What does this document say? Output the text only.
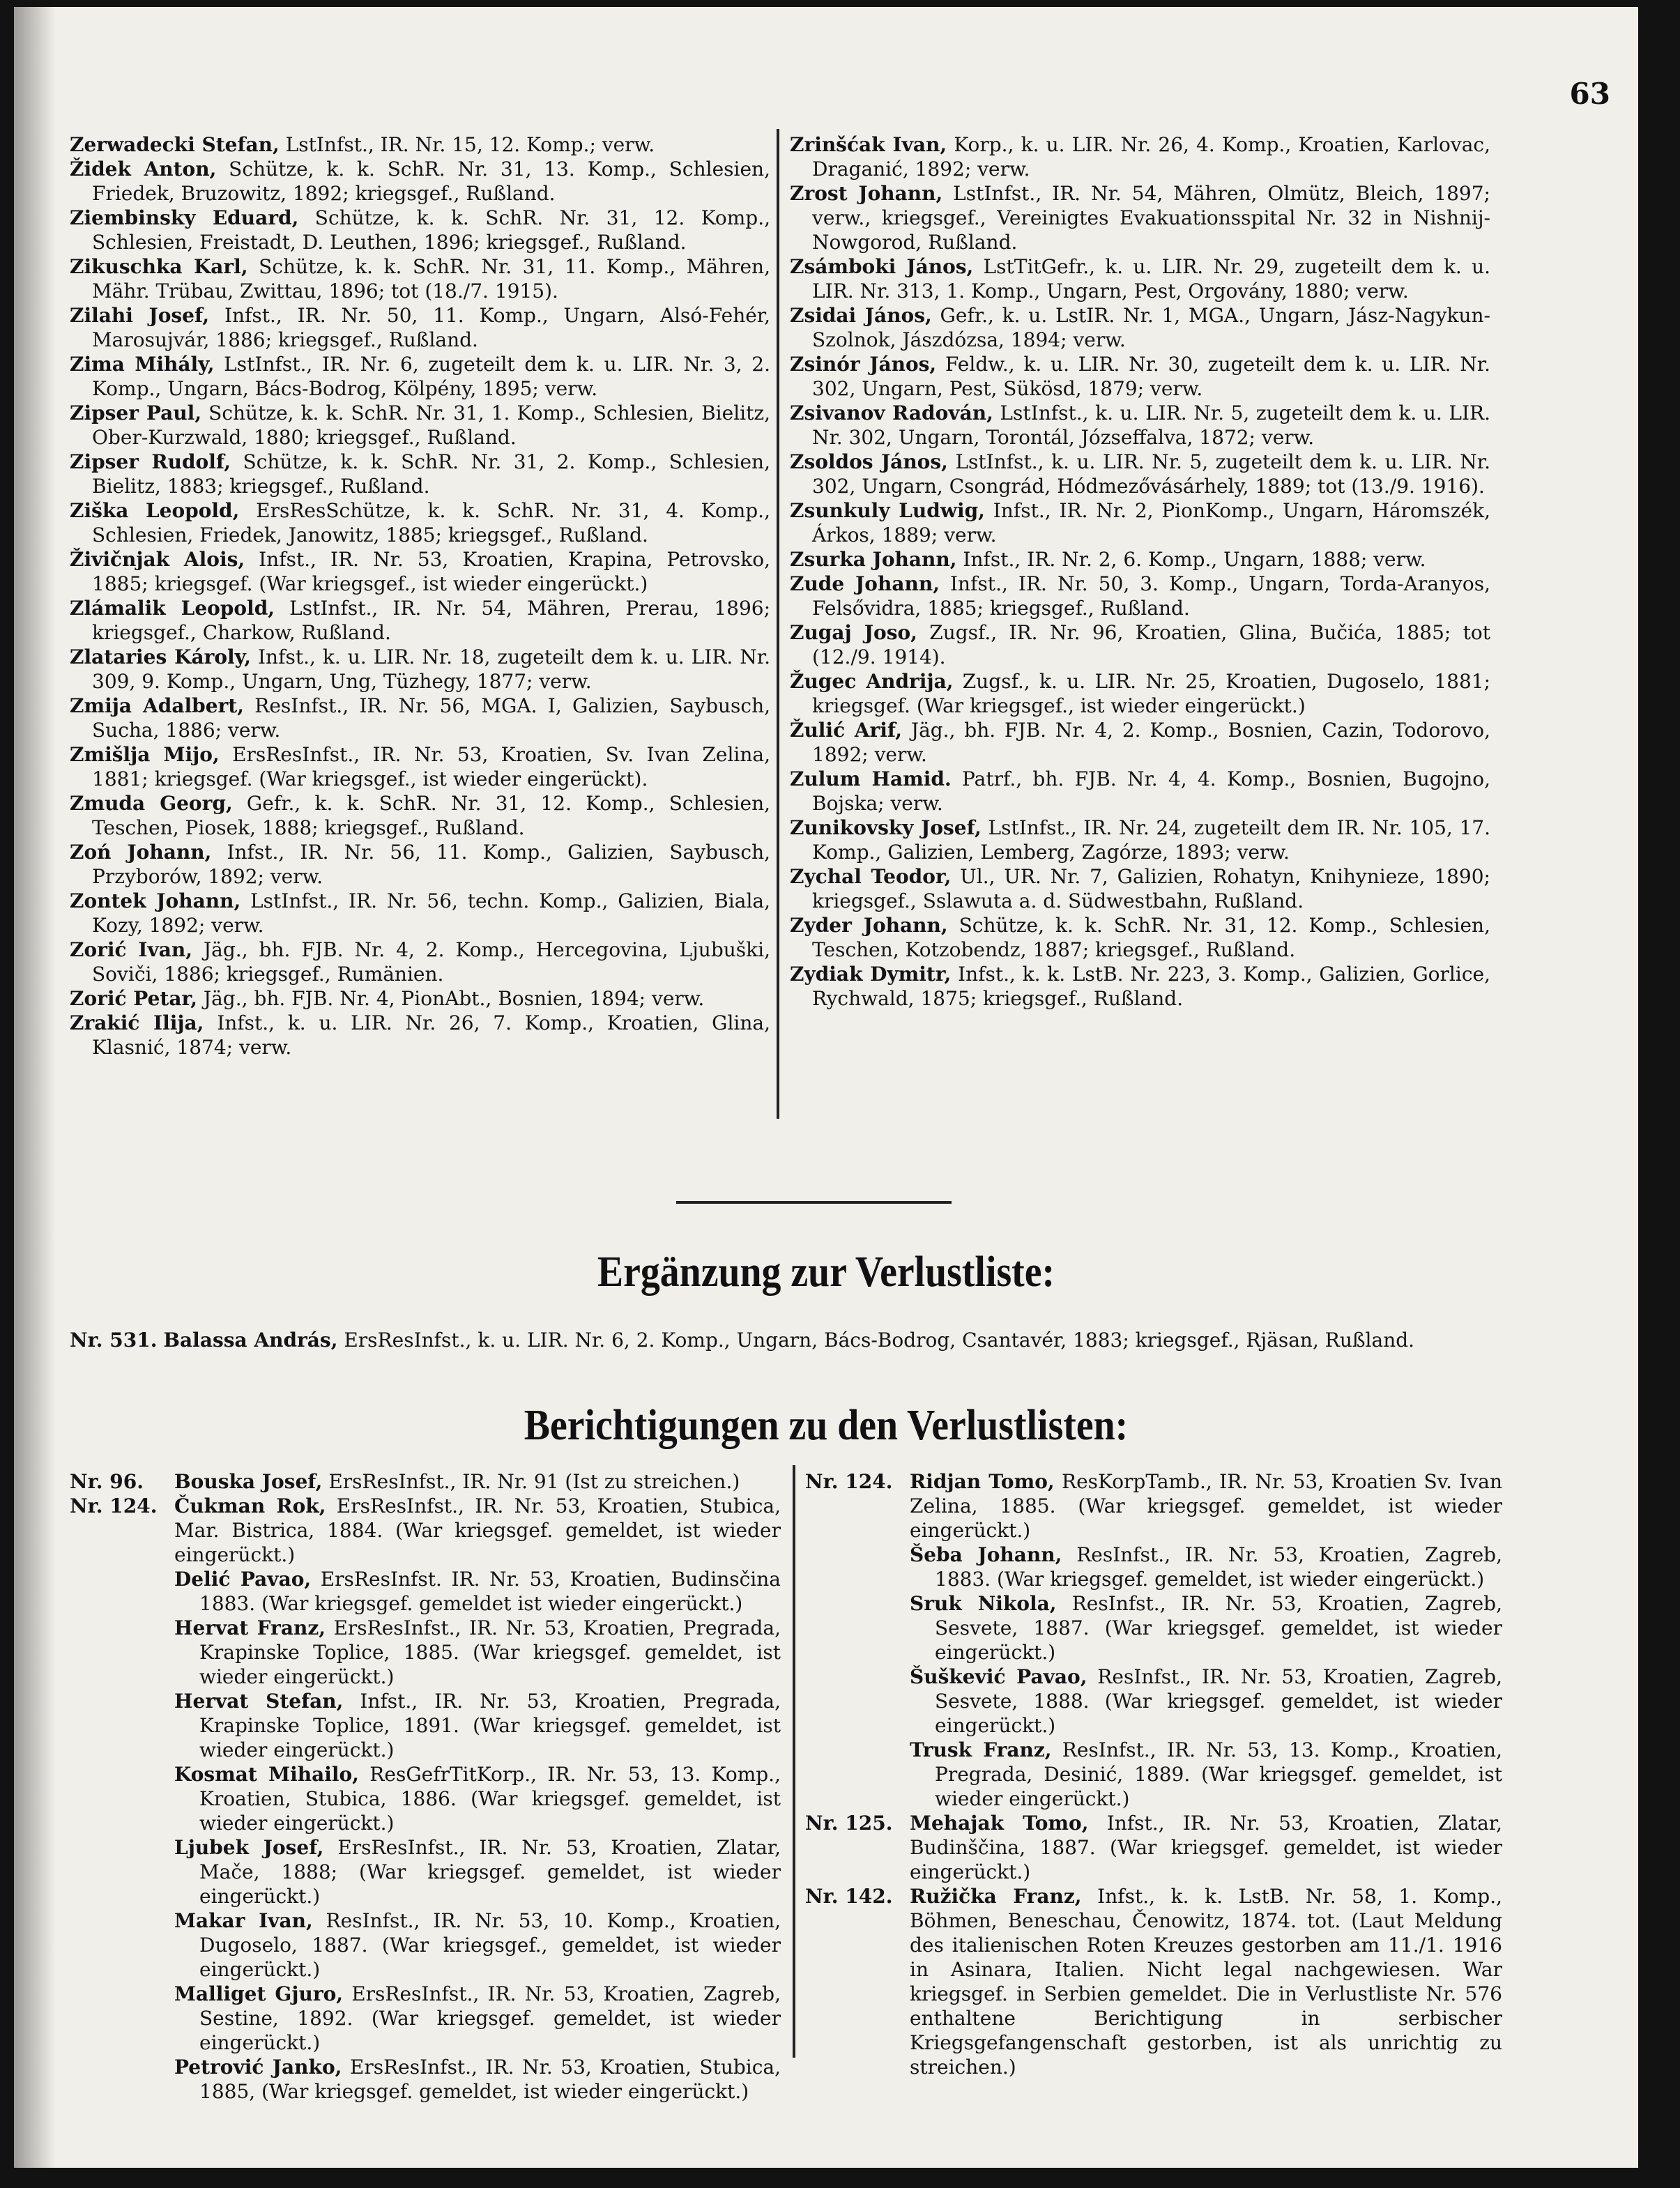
63

Zerwadecki Stefan, LstInfst., IR. Nr. 15, 12. Komp.; verw.

Židek Anton, Schütze, k. k. SchR. Nr. 31, 13. Komp., Schlesien, Friedek, Bruzowitz, 1892; kriegsgef., Rußland.

Ziembinsky Eduard, Schütze, k. k. SchR. Nr. 31, 12. Komp., Schlesien, Freistadt, D. Leuthen, 1896; kriegsgef., Rußland.

Zikuschka Karl, Schütze, k. k. SchR. Nr. 31, 11. Komp., Mähren, Mähr. Trübau, Zwittau, 1896; tot (18./7. 1915).

Zilahi Josef, Infst., IR. Nr. 50, 11. Komp., Ungarn, Alsó-Fehér, Marosujvár, 1886; kriegsgef., Rußland.

Zima Mihály, LstInfst., IR. Nr. 6, zugeteilt dem k. u. LIR. Nr. 3, 2. Komp., Ungarn, Bács-Bodrog, Kölpény, 1895; verw.

Zipser Paul, Schütze, k. k. SchR. Nr. 31, 1. Komp., Schlesien, Bielitz, Ober-Kurzwald, 1880; kriegsgef., Rußland.

Zipser Rudolf, Schütze, k. k. SchR. Nr. 31, 2. Komp., Schlesien, Bielitz, 1883; kriegsgef., Rußland.

Ziška Leopold, ErsResSchütze, k. k. SchR. Nr. 31, 4. Komp., Schlesien, Friedek, Janowitz, 1885; kriegsgef., Rußland.

Živičnjak Alois, Infst., IR. Nr. 53, Kroatien, Krapina, Petrovsko, 1885; kriegsgef. (War kriegsgef., ist wieder eingerückt.)

Zlámalik Leopold, LstInfst., IR. Nr. 54, Mähren, Prerau, 1896; kriegsgef., Charkow, Rußland.

Zlataries Károly, Infst., k. u. LIR. Nr. 18, zugeteilt dem k. u. LIR. Nr. 309, 9. Komp., Ungarn, Ung, Tüzhegy, 1877; verw.

Zmija Adalbert, ResInfst., IR. Nr. 56, MGA. I, Galizien, Saybusch, Sucha, 1886; verw.

Zmišlja Mijo, ErsResInfst., IR. Nr. 53, Kroatien, Sv. Ivan Zelina, 1881; kriegsgef. (War kriegsgef., ist wieder eingerückt).

Zmuda Georg, Gefr., k. k. SchR. Nr. 31, 12. Komp., Schlesien, Teschen, Piosek, 1888; kriegsgef., Rußland.

Zoń Johann, Infst., IR. Nr. 56, 11. Komp., Galizien, Saybusch, Przyborów, 1892; verw.

Zontek Johann, LstInfst., IR. Nr. 56, techn. Komp., Galizien, Biala, Kozy, 1892; verw.

Zorić Ivan, Jäg., bh. FJB. Nr. 4, 2. Komp., Hercegovina, Ljubuški, Soviči, 1886; kriegsgef., Rumänien.

Zorić Petar, Jäg., bh. FJB. Nr. 4, PionAbt., Bosnien, 1894; verw.

Zrakić Ilija, Infst., k. u. LIR. Nr. 26, 7. Komp., Kroatien, Glina, Klasnić, 1874; verw.

Zrinšćak Ivan, Korp., k. u. LIR. Nr. 26, 4. Komp., Kroatien, Karlovac, Draganić, 1892; verw.

Zrost Johann, LstInfst., IR. Nr. 54, Mähren, Olmütz, Bleich, 1897; verw., kriegsgef., Vereinigtes Evakuationsspital Nr. 32 in Nishnij-Nowgorod, Rußland.

Zsámboki János, LstTitGefr., k. u. LIR. Nr. 29, zugeteilt dem k. u. LIR. Nr. 313, 1. Komp., Ungarn, Pest, Orgovány, 1880; verw.

Zsidai János, Gefr., k. u. LstIR. Nr. 1, MGA., Ungarn, Jász-Nagykun-Szolnok, Jászdózsa, 1894; verw.

Zsinór János, Feldw., k. u. LIR. Nr. 30, zugeteilt dem k. u. LIR. Nr. 302, Ungarn, Pest, Sükösd, 1879; verw.

Zsivanov Radován, LstInfst., k. u. LIR. Nr. 5, zugeteilt dem k. u. LIR. Nr. 302, Ungarn, Torontál, Józseffalva, 1872; verw.

Zsoldos János, LstInfst., k. u. LIR. Nr. 5, zugeteilt dem k. u. LIR. Nr. 302, Ungarn, Csongrád, Hódmezővásárhely, 1889; tot (13./9. 1916).

Zsunkuly Ludwig, Infst., IR. Nr. 2, PionKomp., Ungarn, Háromszék, Árkos, 1889; verw.

Zsurka Johann, Infst., IR. Nr. 2, 6. Komp., Ungarn, 1888; verw.

Zude Johann, Infst., IR. Nr. 50, 3. Komp., Ungarn, Torda-Aranyos, Felsővidra, 1885; kriegsgef., Rußland.

Zugaj Joso, Zugsf., IR. Nr. 96, Kroatien, Glina, Bučića, 1885; tot (12./9. 1914).

Žugec Andrija, Zugsf., k. u. LIR. Nr. 25, Kroatien, Dugoselo, 1881; kriegsgef. (War kriegsgef., ist wieder eingerückt.)

Žulić Arif, Jäg., bh. FJB. Nr. 4, 2. Komp., Bosnien, Cazin, Todorovo, 1892; verw.

Zulum Hamid. Patrf., bh. FJB. Nr. 4, 4. Komp., Bosnien, Bugojno, Bojska; verw.

Zunikovsky Josef, LstInfst., IR. Nr. 24, zugeteilt dem IR. Nr. 105, 17. Komp., Galizien, Lemberg, Zagórze, 1893; verw.

Zychal Teodor, Ul., UR. Nr. 7, Galizien, Rohatyn, Knihynieze, 1890; kriegsgef., Sslawuta a. d. Südwestbahn, Rußland.

Zyder Johann, Schütze, k. k. SchR. Nr. 31, 12. Komp., Schlesien, Teschen, Kotzobendz, 1887; kriegsgef., Rußland.

Zydiak Dymitr, Infst., k. k. LstB. Nr. 223, 3. Komp., Galizien, Gorlice, Rychwald, 1875; kriegsgef., Rußland.

Ergänzung zur Verlustliste:
Nr. 531. Balassa András, ErsResInfst., k. u. LIR. Nr. 6, 2. Komp., Ungarn, Bács-Bodrog, Csantavér, 1883; kriegsgef., Rjäsan, Rußland.
Berichtigungen zu den Verlustlisten:

Nr. 96. Bouska Josef, ErsResInfst., IR. Nr. 91 (Ist zu streichen.)

Nr. 124. Čukman Rok, ErsResInfst., IR. Nr. 53, Kroatien, Stubica, Mar. Bistrica, 1884. (War kriegsgef. gemeldet, ist wieder eingerückt.)

Delić Pavao, ErsResInfst. IR. Nr. 53, Kroatien, Budinsčina 1883. (War kriegsgef. gemeldet ist wieder eingerückt.)

Hervat Franz, ErsResInfst., IR. Nr. 53, Kroatien, Pregrada, Krapinske Toplice, 1885. (War kriegsgef. gemeldet, ist wieder eingerückt.)

Hervat Stefan, Infst., IR. Nr. 53, Kroatien, Pregrada, Krapinske Toplice, 1891. (War kriegsgef. gemeldet, ist wieder eingerückt.)

Kosmat Mihailo, ResGefrTitKorp., IR. Nr. 53, 13. Komp., Kroatien, Stubica, 1886. (War kriegsgef. gemeldet, ist wieder eingerückt.)

Ljubek Josef, ErsResInfst., IR. Nr. 53, Kroatien, Zlatar, Mače, 1888; (War kriegsgef. gemeldet, ist wieder eingerückt.)

Makar Ivan, ResInfst., IR. Nr. 53, 10. Komp., Kroatien, Dugoselo, 1887. (War kriegsgef., gemeldet, ist wieder eingerückt.)

Malliget Gjuro, ErsResInfst., IR. Nr. 53, Kroatien, Zagreb, Sestine, 1892. (War kriegsgef. gemeldet, ist wieder eingerückt.)

Petrović Janko, ErsResInfst., IR. Nr. 53, Kroatien, Stubica, 1885, (War kriegsgef. gemeldet, ist wieder eingerückt.)

Nr. 124. Ridjan Tomo, ResKorpTamb., IR. Nr. 53, Kroatien Sv. Ivan Zelina, 1885. (War kriegsgef. gemeldet, ist wieder eingerückt.)

Šeba Johann, ResInfst., IR. Nr. 53, Kroatien, Zagreb, 1883. (War kriegsgef. gemeldet, ist wieder eingerückt.)

Sruk Nikola, ResInfst., IR. Nr. 53, Kroatien, Zagreb, Sesvete, 1887. (War kriegsgef. gemeldet, ist wieder eingerückt.)

Šuškević Pavao, ResInfst., IR. Nr. 53, Kroatien, Zagreb, Sesvete, 1888. (War kriegsgef. gemeldet, ist wieder eingerückt.)

Trusk Franz, ResInfst., IR. Nr. 53, 13. Komp., Kroatien, Pregrada, Desinić, 1889. (War kriegsgef. gemeldet, ist wieder eingerückt.)

Nr. 125. Mehajak Tomo, Infst., IR. Nr. 53, Kroatien, Zlatar, Budinščina, 1887. (War kriegsgef. gemeldet, ist wieder eingerückt.)

Nr. 142. Ružička Franz, Infst., k. k. LstB. Nr. 58, 1. Komp., Böhmen, Beneschau, Čenowitz, 1874. tot. (Laut Meldung des italienischen Roten Kreuzes gestorben am 11./1. 1916 in Asinara, Italien. Nicht legal nachgewiesen. War kriegsgef. in Serbien gemeldet. Die in Verlustliste Nr. 576 enthaltene Berichtigung in serbischer Kriegsgefangenschaft gestorben, ist als unrichtig zu streichen.)
